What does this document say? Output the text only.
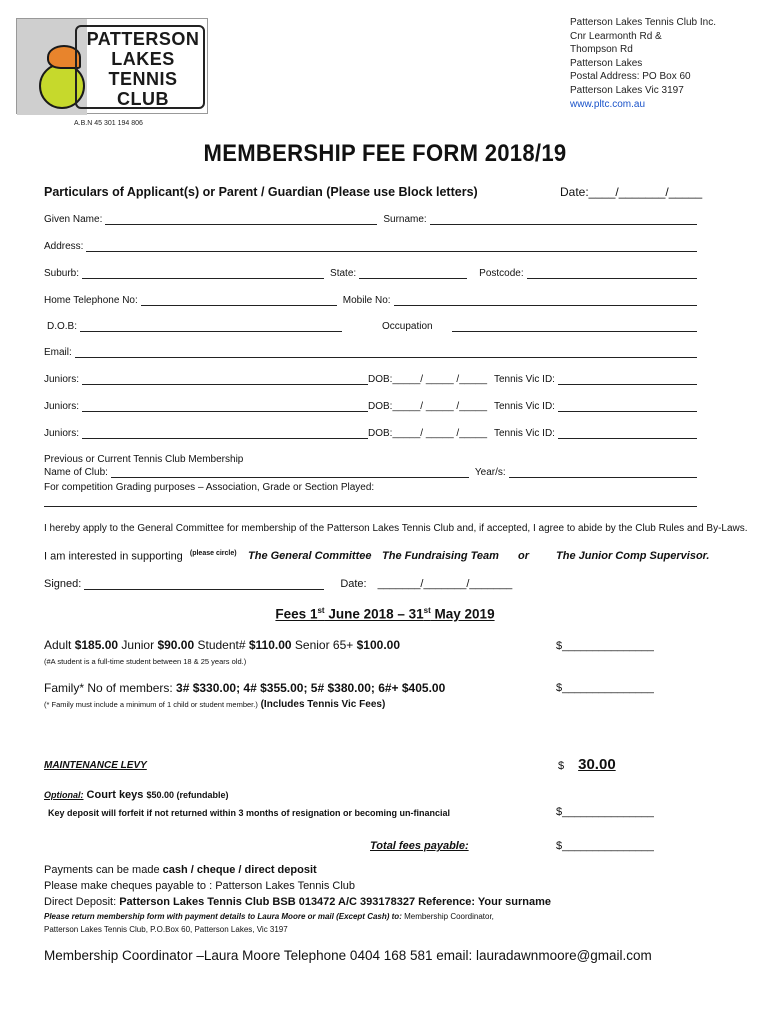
PATTERSON
LAKES
TENNIS
CLUB
Patterson Lakes Tennis Club Inc.
Cnr Learmonth Rd &
Thompson Rd
Patterson Lakes
Postal Address: PO Box 60
Patterson Lakes Vic 3197
www.pltc.com.au
A.B.N 45 301 194 806
MEMBERSHIP FEE FORM 2018/19
Particulars of Applicant(s) or Parent / Guardian (Please use Block letters)	Date:____/_______/_____
Given Name:	Surname:
Address:
Suburb:	State:	Postcode:
Home Telephone No:	Mobile No:
D.O.B:	Occupation
Email:
Juniors:	DOB:_____/ _____ /_____ Tennis Vic ID:
Juniors:	DOB:_____/ _____ /_____ Tennis Vic ID:
Juniors:	DOB:_____/ _____ /_____ Tennis Vic ID:
Previous or Current Tennis Club Membership
Name of Club:	Year/s:
For competition Grading purposes – Association, Grade or Section Played:
I hereby apply to the General Committee for membership of the Patterson Lakes Tennis Club and, if accepted, I agree to abide by the Club Rules and By-Laws.
I am interested in supporting $^{(please circle)}$ The General Committee The Fundraising Team or The Junior Comp Supervisor.
Signed:	Date: _______/_______/_______
Fees 1st June 2018 – 31st May 2019
Adult $185.00 Junior $90.00 Student# $110.00 Senior 65+ $100.00	$_______________
(#A student is a full-time student between 18 & 25 years old.)
Family* No of members: 3# $330.00; 4# $355.00; 5# $380.00; 6#+ $405.00	$_______________
(* Family must include a minimum of 1 child or student member.) (Includes Tennis Vic Fees)
MAINTENANCE LEVY	$ 30.00
Optional: Court keys $50.00 (refundable)
Key deposit will forfeit if not returned within 3 months of resignation or becoming un-financial	$_______________
Total fees payable:	$_______________
Payments can be made cash / cheque / direct deposit
Please make cheques payable to : Patterson Lakes Tennis Club
Direct Deposit: Patterson Lakes Tennis Club BSB 013472 A/C 393178327 Reference: Your surname
Please return membership form with payment details to Laura Moore or mail (Except Cash) to: Membership Coordinator,
Patterson Lakes Tennis Club, P.O.Box 60, Patterson Lakes, Vic 3197
Membership Coordinator –Laura Moore Telephone 0404 168 581 email: lauradawnmoore@gmail.com
